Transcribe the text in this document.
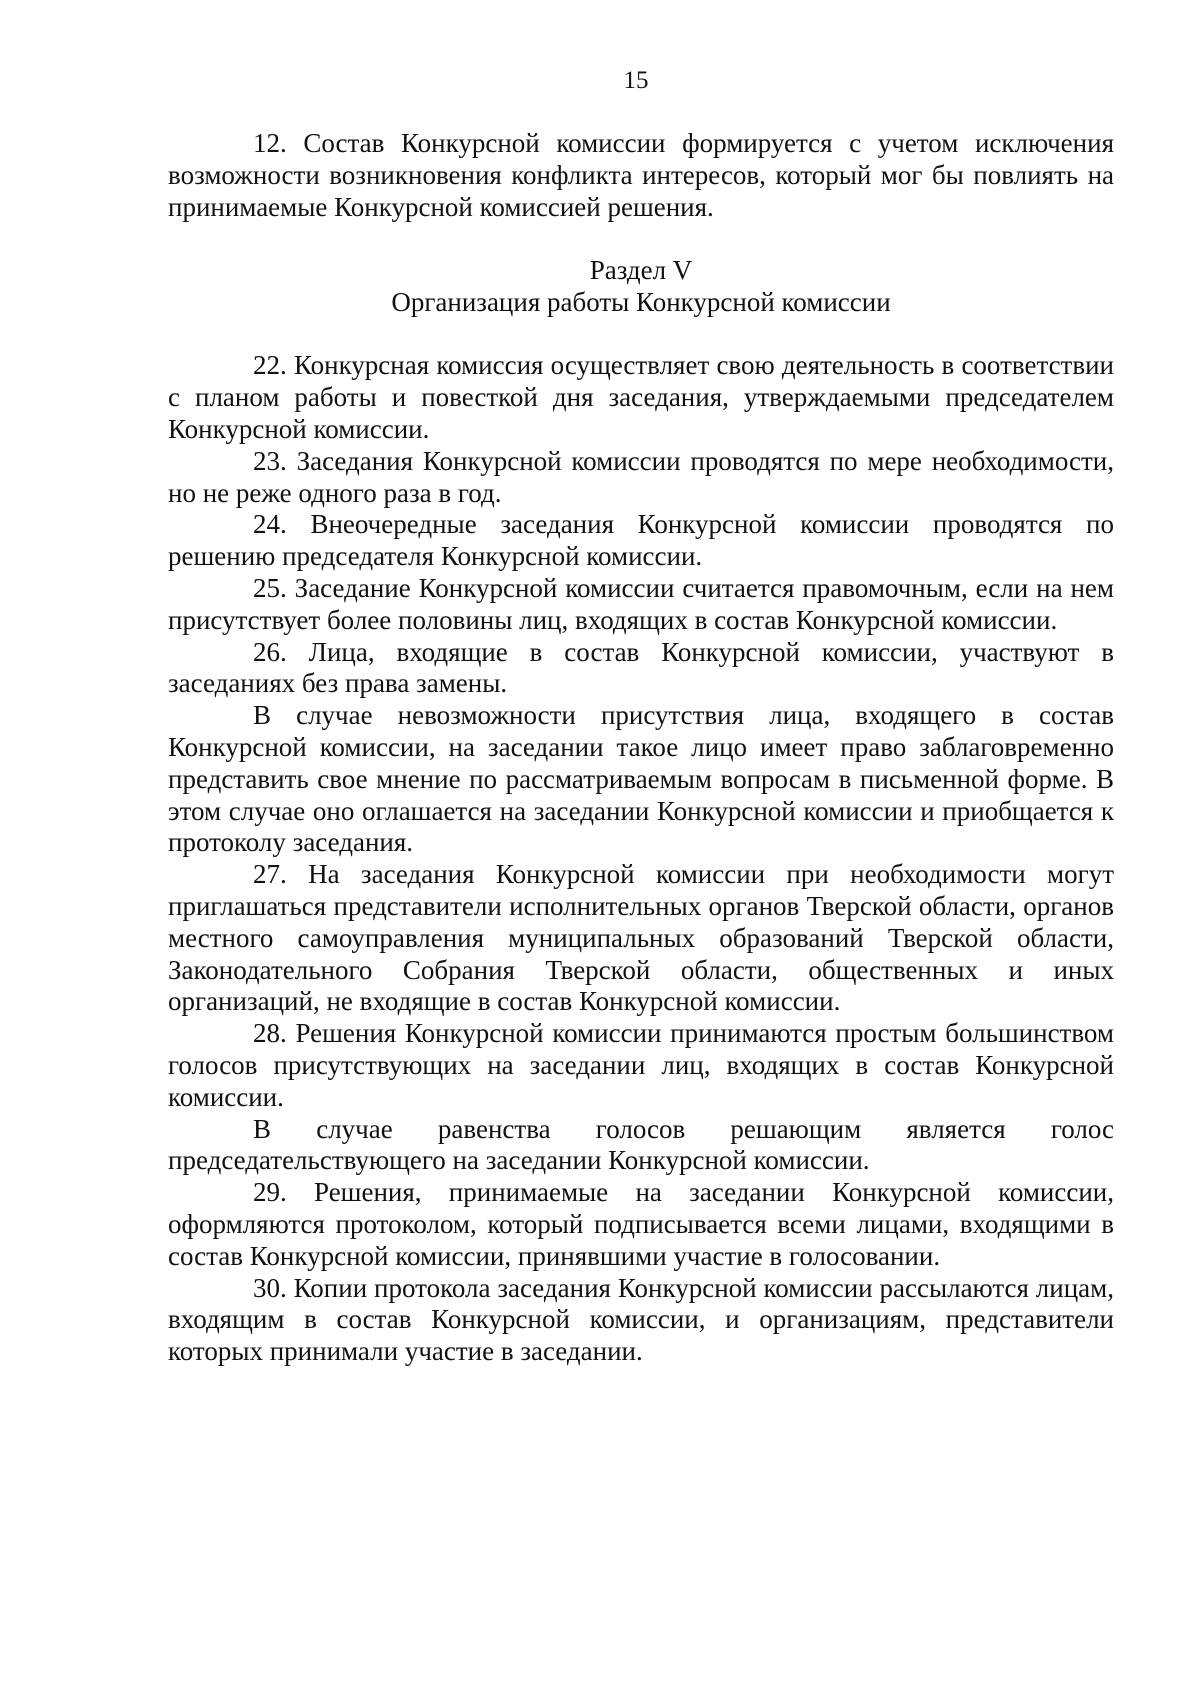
15

12. Состав Конкурсной комиссии формируется с учетом исключения возможности возникновения конфликта интересов, который мог бы повлиять на принимаемые Конкурсной комиссией решения.

Раздел V
Организация работы Конкурсной комиссии

22. Конкурсная комиссия осуществляет свою деятельность в соответствии с планом работы и повесткой дня заседания, утверждаемыми председателем Конкурсной комиссии.

23. Заседания Конкурсной комиссии проводятся по мере необходимости, но не реже одного раза в год.

24. Внеочередные заседания Конкурсной комиссии проводятся по решению председателя Конкурсной комиссии.

25. Заседание Конкурсной комиссии считается правомочным, если на нем присутствует более половины лиц, входящих в состав Конкурсной комиссии.

26. Лица, входящие в состав Конкурсной комиссии, участвуют в заседаниях без права замены.

В случае невозможности присутствия лица, входящего в состав Конкурсной комиссии, на заседании такое лицо имеет право заблаговременно представить свое мнение по рассматриваемым вопросам в письменной форме. В этом случае оно оглашается на заседании Конкурсной комиссии и приобщается к протоколу заседания.

27. На заседания Конкурсной комиссии при необходимости могут приглашаться представители исполнительных органов Тверской области, органов местного самоуправления муниципальных образований Тверской области, Законодательного Собрания Тверской области, общественных и иных организаций, не входящие в состав Конкурсной комиссии.

28. Решения Конкурсной комиссии принимаются простым большинством голосов присутствующих на заседании лиц, входящих в состав Конкурсной комиссии.

В случае равенства голосов решающим является голос председательствующего на заседании Конкурсной комиссии.

29. Решения, принимаемые на заседании Конкурсной комиссии, оформляются протоколом, который подписывается всеми лицами, входящими в состав Конкурсной комиссии, принявшими участие в голосовании.

30. Копии протокола заседания Конкурсной комиссии рассылаются лицам, входящим в состав Конкурсной комиссии, и организациям, представители которых принимали участие в заседании.
